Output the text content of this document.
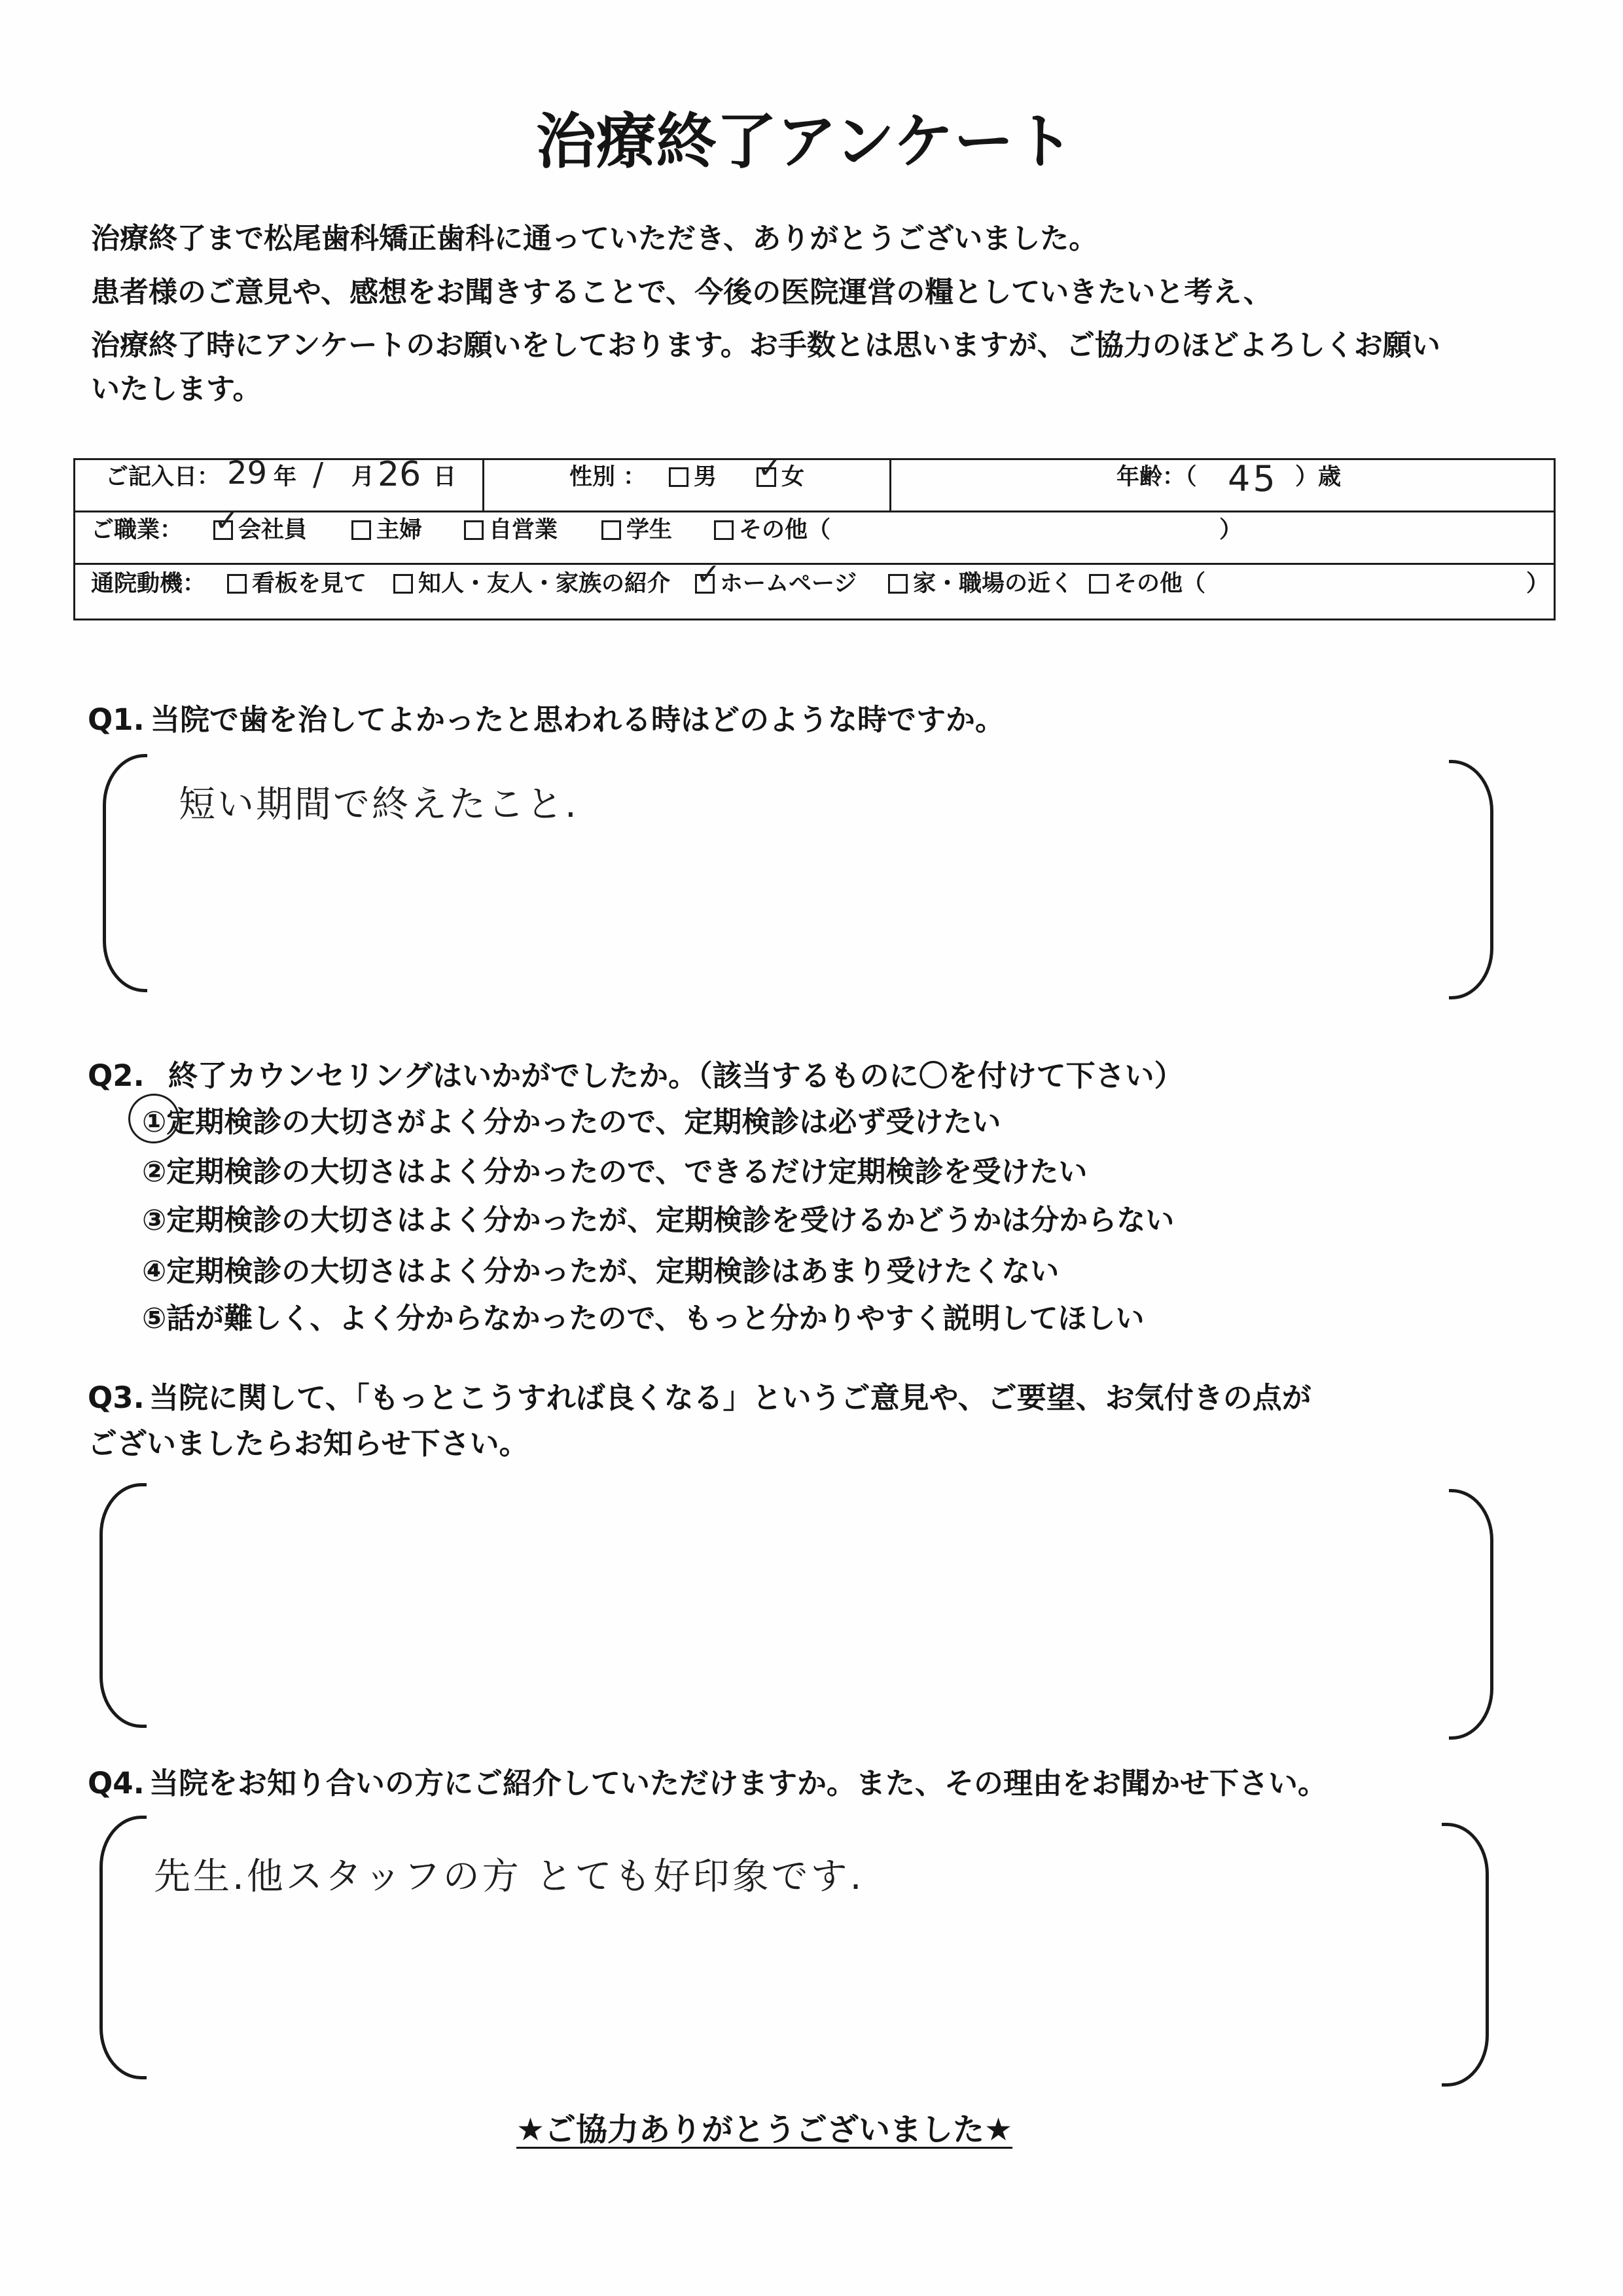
治療終了アンケート
治療終了まで松尾歯科矯正歯科に通っていただき、ありがとうございました。
患者様のご意見や、感想をお聞きすることで、今後の医院運営の糧としていきたいと考え、
治療終了時にアンケートのお願いをしております。お手数とは思いますが、ご協力のほどよろしくお願い
いたします。
ご記入日： 29 年 / 月 26 日	性別 ： 男 ✓	女	年齢：（ 45 ）歳
ご職業： ✓ 会社員	主婦	自営業	学生	その他（	）
通院動機： 看板を見て 知人・友人・家族の紹介 ✓ ホームページ 家・職場の近く その他（	）
Q1. 当院で歯を治してよかったと思われる時はどのような時ですか。
短い期間で終えたこと.
Q2. 終了カウンセリングはいかがでしたか。（該当するものに〇を付けて下さい）
①定期検診の大切さがよく分かったので、定期検診は必ず受けたい
②定期検診の大切さはよく分かったので、できるだけ定期検診を受けたい
③定期検診の大切さはよく分かったが、定期検診を受けるかどうかは分からない
④定期検診の大切さはよく分かったが、定期検診はあまり受けたくない
⑤話が難しく、よく分からなかったので、もっと分かりやすく説明してほしい
Q3. 当院に関して、「もっとこうすれば良くなる」というご意見や、ご要望、お気付きの点が
ございましたらお知らせ下さい。
Q4. 当院をお知り合いの方にご紹介していただけますか。また、その理由をお聞かせ下さい。
先生.他スタッフの方 とても好印象です.
★ご協力ありがとうございました★
